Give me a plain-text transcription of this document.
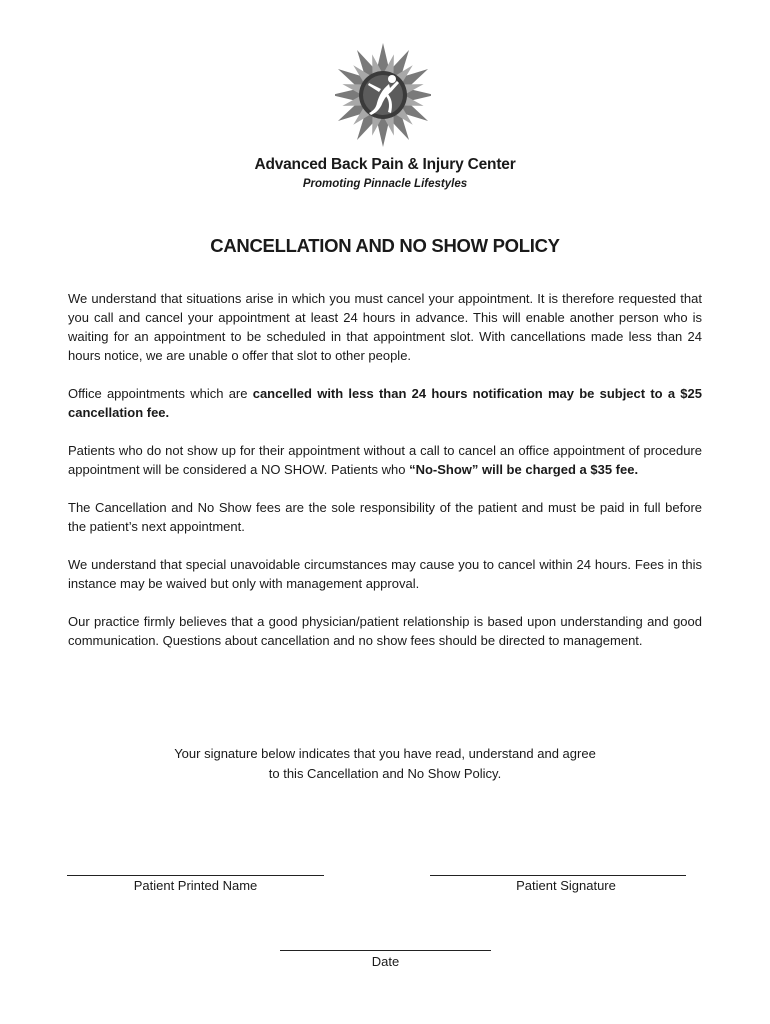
Advanced Back Pain & Injury Center
Promoting Pinnacle Lifestyles
CANCELLATION AND NO SHOW POLICY

We understand that situations arise in which you must cancel your appointment. It is therefore requested that you call and cancel your appointment at least 24 hours in advance. This will enable another person who is waiting for an appointment to be scheduled in that appointment slot. With cancellations made less than 24 hours notice, we are unable o offer that slot to other people.

Office appointments which are cancelled with less than 24 hours notification may be subject to a $25 cancellation fee.

Patients who do not show up for their appointment without a call to cancel an office appointment of procedure appointment will be considered a NO SHOW. Patients who “No-Show” will be charged a $35 fee.

The Cancellation and No Show fees are the sole responsibility of the patient and must be paid in full before the patient’s next appointment.

We understand that special unavoidable circumstances may cause you to cancel within 24 hours. Fees in this instance may be waived but only with management approval.

Our practice firmly believes that a good physician/patient relationship is based upon understanding and good communication. Questions about cancellation and no show fees should be directed to management.

Your signature below indicates that you have read, understand and agree
to this Cancellation and No Show Policy.
Patient Printed Name	Patient Signature
Date
